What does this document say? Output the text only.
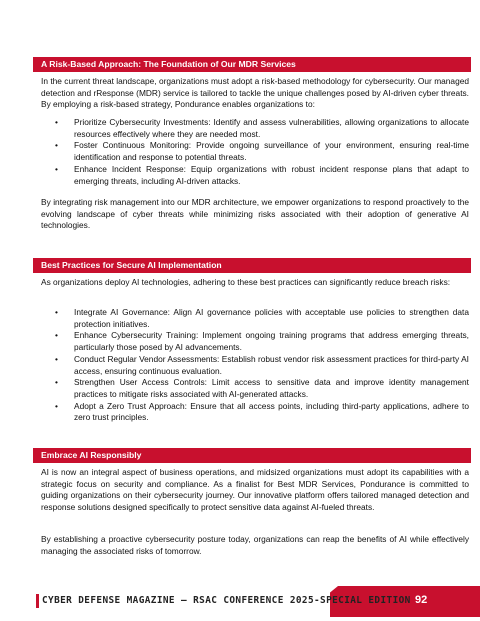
A Risk-Based Approach: The Foundation of Our MDR Services

In the current threat landscape, organizations must adopt a risk-based methodology for cybersecurity. Our managed detection and rResponse (MDR) service is tailored to tackle the unique challenges posed by AI-driven cyber threats. By employing a risk-based strategy, Pondurance enables organizations to:

• Prioritize Cybersecurity Investments: Identify and assess vulnerabilities, allowing organizations to allocate resources effectively where they are needed most.
• Foster Continuous Monitoring: Provide ongoing surveillance of your environment, ensuring real-time identification and response to potential threats.
• Enhance Incident Response: Equip organizations with robust incident response plans that adapt to emerging threats, including AI-driven attacks.

By integrating risk management into our MDR architecture, we empower organizations to respond proactively to the evolving landscape of cyber threats while minimizing risks associated with their adoption of generative AI technologies.

Best Practices for Secure AI Implementation

As organizations deploy AI technologies, adhering to these best practices can significantly reduce breach risks:

• Integrate AI Governance: Align AI governance policies with acceptable use policies to strengthen data protection initiatives.
• Enhance Cybersecurity Training: Implement ongoing training programs that address emerging threats, particularly those posed by AI advancements.
• Conduct Regular Vendor Assessments: Establish robust vendor risk assessment practices for third-party AI access, ensuring continuous evaluation.
• Strengthen User Access Controls: Limit access to sensitive data and improve identity management practices to mitigate risks associated with AI-generated attacks.
• Adopt a Zero Trust Approach: Ensure that all access points, including third-party applications, adhere to zero trust principles.
Embrace AI Responsibly

AI is now an integral aspect of business operations, and midsized organizations must adopt its capabilities with a strategic focus on security and compliance. As a finalist for Best MDR Services, Pondurance is committed to guiding organizations on their cybersecurity journey. Our innovative platform offers tailored managed detection and response solutions designed specifically to protect sensitive data against AI-fueled threats.

By establishing a proactive cybersecurity posture today, organizations can reap the benefits of AI while effectively managing the associated risks of tomorrow.

CYBER DEFENSE MAGAZINE – RSAC CONFERENCE 2025-SPECIAL EDITION 92
